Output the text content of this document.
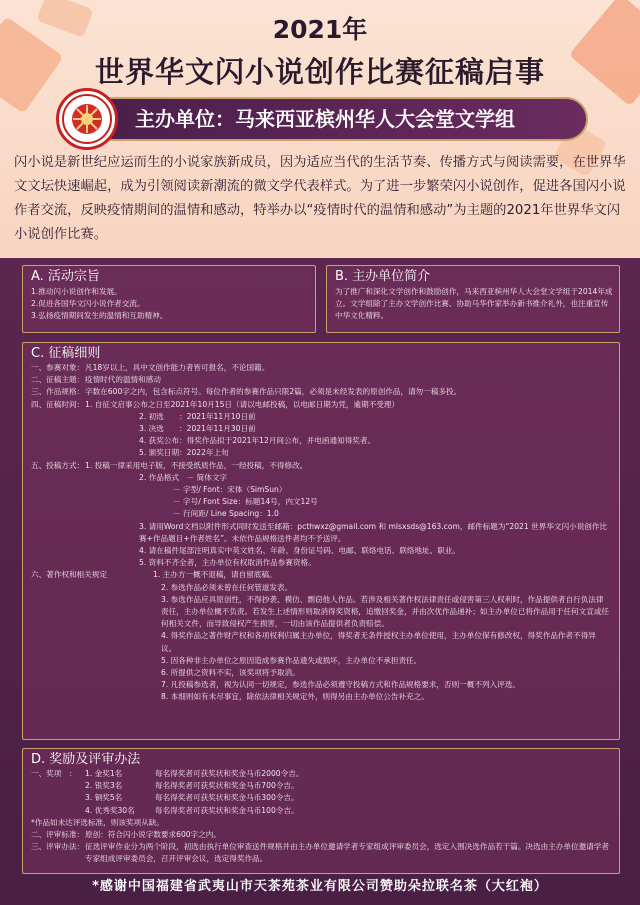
2021年
世界华文闪小说创作比赛征稿启事
主办单位：马来西亚槟州华人大会堂文学组
闪小说是新世纪应运而生的小说家族新成员，因为适应当代的生活节奏、传播方式与阅读需要，在世界华文文坛快速崛起，成为引领阅读新潮流的微文学代表样式。为了进一步繁荣闪小说创作，促进各国闪小说作者交流，反映疫情期间的温情和感动，特举办以“疫情时代的温情和感动”为主题的2021年世界华文闪小说创作比赛。
A. 活动宗旨
1.推动闪小说创作和发展。
2.促进各国华文闪小说作者交流。
3.弘扬疫情期间发生的温情和互助精神。
B. 主办单位简介
为了推广和深化文学创作和鼓励创作，马来西亚槟州华人大会堂文学组于2014年成立。文学组除了主办文学创作比赛、协助马华作家举办新书推介礼外，也注重宣传中华文化精粹。
C. 征稿细则
一、参赛对象： 凡18岁以上，具中文创作能力者皆可报名，不论国籍。
二、征稿主题： 疫情时代的温情和感动
三、作品规格： 字数在600字之内，包含标点符号。每位作者的参赛作品只限2篇，必须是未经发表的原创作品，请勿一稿多投。
四、征稿时间： 1. 自征文启事公布之日至2021年10月15日（请以电邮投稿，以电邮日期为凭，逾期不受理）
2. 初选　　：2021年11月10日前
3. 决选　　：2021年11月30日前
4. 获奖公布：得奖作品拟于2021年12月间公布，并电函通知得奖者。
5. 颁奖日期：2022年上旬
五、投稿方式： 1. 投稿一律采用电子版，不接受纸质作品，一经投稿，不得修改。
2. 作品格式　－ 简体文字
－ 字型/ Font：宋体（SimSun）
－ 字号/ Font Size：标题14号，内文12号
－ 行间距/ Line Spacing：1.0
3. 请用Word文档以附件形式同时发送至邮箱：pcthwxz@gmail.com 和 mlsxsds@163.com，邮件标题为“2021 世界华文闪小说创作比赛+作品题目+作者姓名”。未依作品规格送件者均不予送评。
4. 请在稿件尾部注明真实中英文姓名、年龄、身份证号码、电邮、联络电话、联络地址、职业。
5. 资料不齐全者，主办单位有权取消作品参赛资格。
六、著作权和相关规定	1. 主办方一概不退稿，请自留底稿。
2. 参选作品必须未曾在任何管道发表。
3. 参选作品应具原创性，不得抄袭、模仿、剽窃他人作品。若涉及相关著作权法律责任或侵害第三人权利时，作品提供者自行负法律责任，主办单位概不负责。若发生上述情形则取消得奖资格，追缴回奖金，并由次优作品递补；如主办单位已将作品用于任何文宣或任何相关文件，而导致侵权产生损害，一切由该作品提供者负责赔偿。
4. 得奖作品之著作财产权和各项权利归属主办单位，得奖者无条件授权主办单位使用，主办单位保有修改权，得奖作品作者不得异议。
5. 因各种非主办单位之原因造成参赛作品遗失或损坏，主办单位不承担责任。
6. 所提供之资料不实，该奖项将予取消。
7. 凡投稿参选者，视为认同一切规定，参选作品必须遵守投稿方式和作品规格要求，否则一概不列入评选。
8. 本细则如有未尽事宜，除依法律相关规定外，则得另由主办单位公告补充之。
D. 奖励及评审办法
一、奖项　：	1. 金奖1名	每名得奖者可获奖状和奖金马币2000令吉。
2. 银奖3名	每名得奖者可获奖状和奖金马币700令吉。
3. 铜奖5名	每名得奖者可获奖状和奖金马币300令吉。
4. 优秀奖30名	每名得奖者可获奖状和奖金马币100令吉。
*作品如未达评选标准，则该奖项从缺。
二、评审标准： 原创：符合闪小说字数要求600字之内。
三、评审办法： 征选评审作业分为两个阶段，初选由执行单位审查送件规格并由主办单位邀请学者专家组成评审委员会，选定入围决选作品若干篇。决选由主办单位邀请学者专家组成评审委员会，召开评审会议，选定得奖作品。
*感谢中国福建省武夷山市天茶苑茶业有限公司赞助朵拉联名茶（大红袍）
